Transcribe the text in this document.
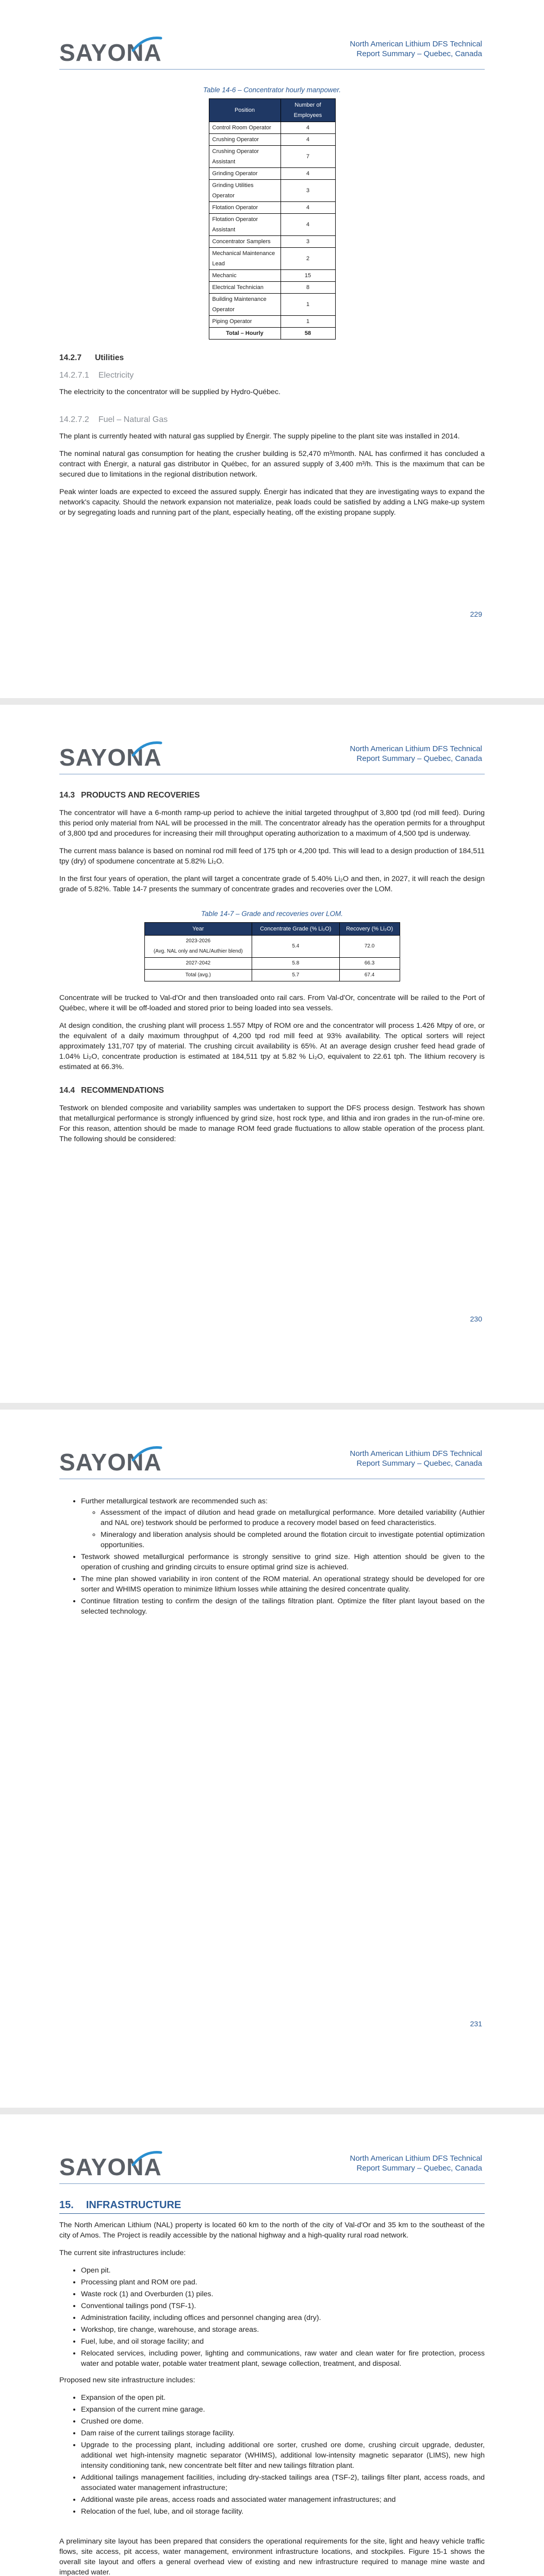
SAYONA	North American Lithium DFS Technical
Report Summary – Quebec, Canada
Table 14-6 – Concentrator hourly manpower.
Position	Number of Employees
Control Room Operator	4
Crushing Operator	4
Crushing Operator Assistant	7
Grinding Operator	4
Grinding Utilities Operator	3
Flotation Operator	4
Flotation Operator Assistant	4
Concentrator Samplers	3
Mechanical Maintenance Lead	2
Mechanic	15
Electrical Technician	8
Building Maintenance Operator	1
Piping Operator	1
Total – Hourly	58
14.2.7 Utilities
14.2.7.1 Electricity

The electricity to the concentrator will be supplied by Hydro-Québec.

14.2.7.2 Fuel – Natural Gas

The plant is currently heated with natural gas supplied by Énergir. The supply pipeline to the plant site was installed in 2014.

The nominal natural gas consumption for heating the crusher building is 52,470 m³/month. NAL has confirmed it has concluded a contract with Énergir, a natural gas distributor in Québec, for an assured supply of 3,400 m³/h. This is the maximum that can be secured due to limitations in the regional distribution network.

Peak winter loads are expected to exceed the assured supply. Énergir has indicated that they are investigating ways to expand the network's capacity. Should the network expansion not materialize, peak loads could be satisfied by adding a LNG make-up system or by segregating loads and running part of the plant, especially heating, off the existing propane supply.

229
SAYONA	North American Lithium DFS Technical
Report Summary – Quebec, Canada
14.3 PRODUCTS AND RECOVERIES

The concentrator will have a 6-month ramp-up period to achieve the initial targeted throughput of 3,800 tpd (rod mill feed). During this period only material from NAL will be processed in the mill. The concentrator already has the operation permits for a throughput of 3,800 tpd and procedures for increasing their mill throughput operating authorization to a maximum of 4,500 tpd is underway.

The current mass balance is based on nominal rod mill feed of 175 tph or 4,200 tpd. This will lead to a design production of 184,511 tpy (dry) of spodumene concentrate at 5.82% Li₂O.

In the first four years of operation, the plant will target a concentrate grade of 5.40% Li₂O and then, in 2027, it will reach the design grade of 5.82%. Table 14-7 presents the summary of concentrate grades and recoveries over the LOM.

Table 14-7 – Grade and recoveries over LOM.
Year	Concentrate Grade (% Li₂O)	Recovery (% Li₂O)
2023-2026
(Avg. NAL only and NAL/Authier blend)	5.4	72.0
2027-2042	5.8	66.3
Total (avg.)	5.7	67.4

Concentrate will be trucked to Val-d'Or and then transloaded onto rail cars. From Val-d'Or, concentrate will be railed to the Port of Québec, where it will be off-loaded and stored prior to being loaded into sea vessels.

At design condition, the crushing plant will process 1.557 Mtpy of ROM ore and the concentrator will process 1.426 Mtpy of ore, or the equivalent of a daily maximum throughput of 4,200 tpd rod mill feed at 93% availability. The optical sorters will reject approximately 131,707 tpy of material. The crushing circuit availability is 65%. At an average design crusher feed head grade of 1.04% Li₂O, concentrate production is estimated at 184,511 tpy at 5.82 % Li₂O, equivalent to 22.61 tph. The lithium recovery is estimated at 66.3%.

14.4 RECOMMENDATIONS

Testwork on blended composite and variability samples was undertaken to support the DFS process design. Testwork has shown that metallurgical performance is strongly influenced by grind size, host rock type, and lithia and iron grades in the run-of-mine ore. For this reason, attention should be made to manage ROM feed grade fluctuations to allow stable operation of the process plant. The following should be considered:

230
SAYONA	North American Lithium DFS Technical
Report Summary – Quebec, Canada
• Further metallurgical testwork are recommended such as:
◦ Assessment of the impact of dilution and head grade on metallurgical performance. More detailed variability (Authier and NAL ore) testwork should be performed to produce a recovery model based on feed characteristics.
◦ Mineralogy and liberation analysis should be completed around the flotation circuit to investigate potential optimization opportunities.
• Testwork showed metallurgical performance is strongly sensitive to grind size. High attention should be given to the operation of crushing and grinding circuits to ensure optimal grind size is achieved.
• The mine plan showed variability in iron content of the ROM material. An operational strategy should be developed for ore sorter and WHIMS operation to minimize lithium losses while attaining the desired concentrate quality.
• Continue filtration testing to confirm the design of the tailings filtration plant. Optimize the filter plant layout based on the selected technology.
231
SAYONA	North American Lithium DFS Technical
Report Summary – Quebec, Canada
15. INFRASTRUCTURE

The North American Lithium (NAL) property is located 60 km to the north of the city of Val-d'Or and 35 km to the southeast of the city of Amos. The Project is readily accessible by the national highway and a high-quality rural road network.

The current site infrastructures include:

• Open pit.
• Processing plant and ROM ore pad.
• Waste rock (1) and Overburden (1) piles.
• Conventional tailings pond (TSF-1).
• Administration facility, including offices and personnel changing area (dry).
• Workshop, tire change, warehouse, and storage areas.
• Fuel, lube, and oil storage facility; and
• Relocated services, including power, lighting and communications, raw water and clean water for fire protection, process water and potable water, potable water treatment plant, sewage collection, treatment, and disposal.

Proposed new site infrastructure includes:

• Expansion of the open pit.
• Expansion of the current mine garage.
• Crushed ore dome.
• Dam raise of the current tailings storage facility.
• Upgrade to the processing plant, including additional ore sorter, crushed ore dome, crushing circuit upgrade, deduster, additional wet high-intensity magnetic separator (WHIMS), additional low-intensity magnetic separator (LIMS), new high intensity conditioning tank, new concentrate belt filter and new tailings filtration plant.
• Additional tailings management facilities, including dry-stacked tailings area (TSF-2), tailings filter plant, access roads, and associated water management infrastructure;
• Additional waste pile areas, access roads and associated water management infrastructures; and
• Relocation of the fuel, lube, and oil storage facility.

A preliminary site layout has been prepared that considers the operational requirements for the site, light and heavy vehicle traffic flows, site access, pit access, water management, environment infrastructure locations, and stockpiles. Figure 15-1 shows the overall site layout and offers a general overhead view of existing and new infrastructure required to manage mine waste and impacted water.
